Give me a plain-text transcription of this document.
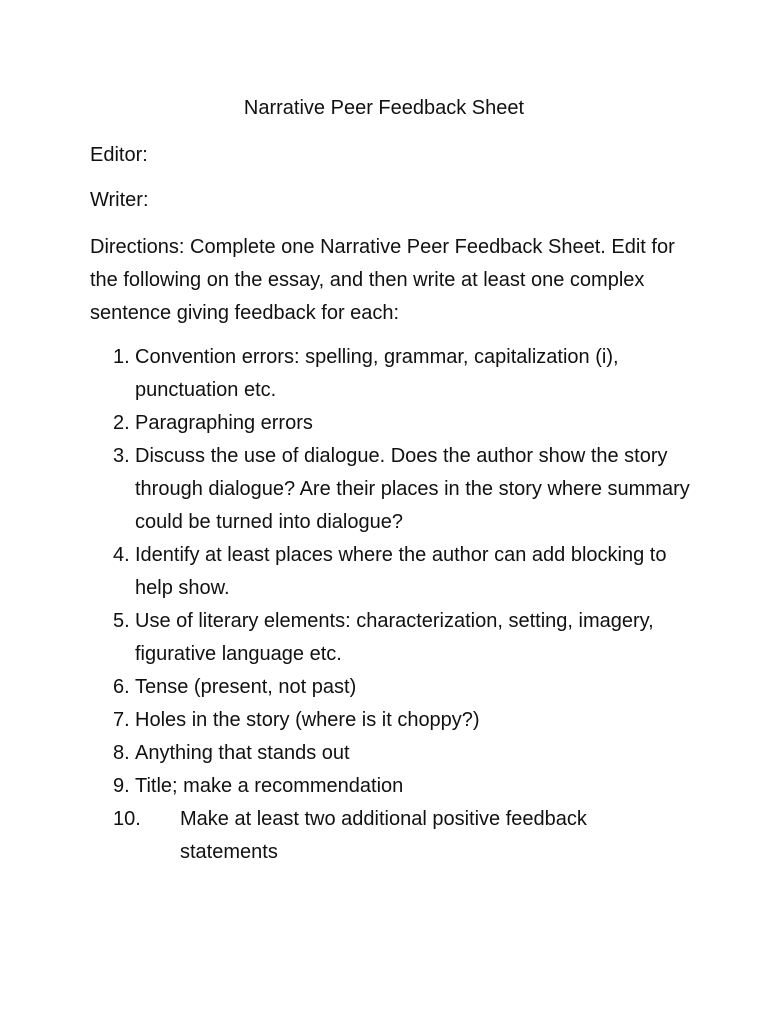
Narrative Peer Feedback Sheet
Editor:
Writer:
Directions: Complete one Narrative Peer Feedback Sheet. Edit for the following on the essay, and then write at least one complex sentence giving feedback for each:
1. Convention errors: spelling, grammar, capitalization (i), punctuation etc.
2. Paragraphing errors
3. Discuss the use of dialogue. Does the author show the story through dialogue? Are their places in the story where summary could be turned into dialogue?
4. Identify at least places where the author can add blocking to help show.
5. Use of literary elements: characterization, setting, imagery, figurative language etc.
6. Tense (present, not past)
7. Holes in the story (where is it choppy?)
8. Anything that stands out
9. Title; make a recommendation
10. Make at least two additional positive feedback statements
